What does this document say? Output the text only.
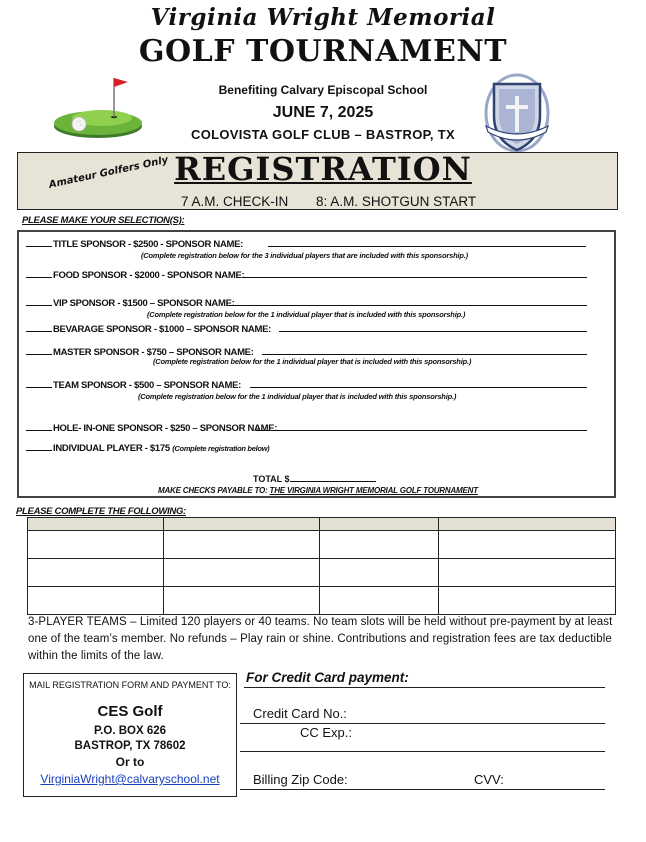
Virginia Wright Memorial
GOLF TOURNAMENT
Benefiting Calvary Episcopal School
JUNE 7, 2025
COLOVISTA GOLF CLUB – BASTROP, TX
REGISTRATION
Amateur Golfers Only
7 A.M. CHECK-IN 8: A.M. SHOTGUN START
PLEASE MAKE YOUR SELECTION(S):
TITLE SPONSOR - $2500 - SPONSOR NAME:
(Complete registration below for the 3 individual players that are included with this sponsorship.)
FOOD SPONSOR - $2000 - SPONSOR NAME:
VIP SPONSOR - $1500 – SPONSOR NAME:
(Complete registration below for the 1 individual player that is included with this sponsorship.)
BEVARAGE SPONSOR - $1000 – SPONSOR NAME:
MASTER SPONSOR - $750 – SPONSOR NAME:
(Complete registration below for the 1 individual player that is included with this sponsorship.)
TEAM SPONSOR - $500 – SPONSOR NAME:
(Complete registration below for the 1 individual player that is included with this sponsorship.)
HOLE- IN-ONE SPONSOR - $250 – SPONSOR NAME:
INDIVIDUAL PLAYER - $175 (Complete registration below)
TOTAL $
MAKE CHECKS PAYABLE TO: THE VIRGINIA WRIGHT MEMORIAL GOLF TOURNAMENT
PLEASE COMPLETE THE FOLLOWING:

3-PLAYER TEAMS – Limited 120 players or 40 teams. No team slots will be held without pre-payment by at least one of the team’s member. No refunds – Play rain or shine. Contributions and registration fees are tax deductible within the limits of the law.
MAIL REGISTRATION FORM AND PAYMENT TO:
CES Golf
P.O. BOX 626
BASTROP, TX 78602
Or to
VirginiaWright@calvaryschool.net
For Credit Card payment:
Credit Card No.:
CC Exp.:
Billing Zip Code:	CVV:
